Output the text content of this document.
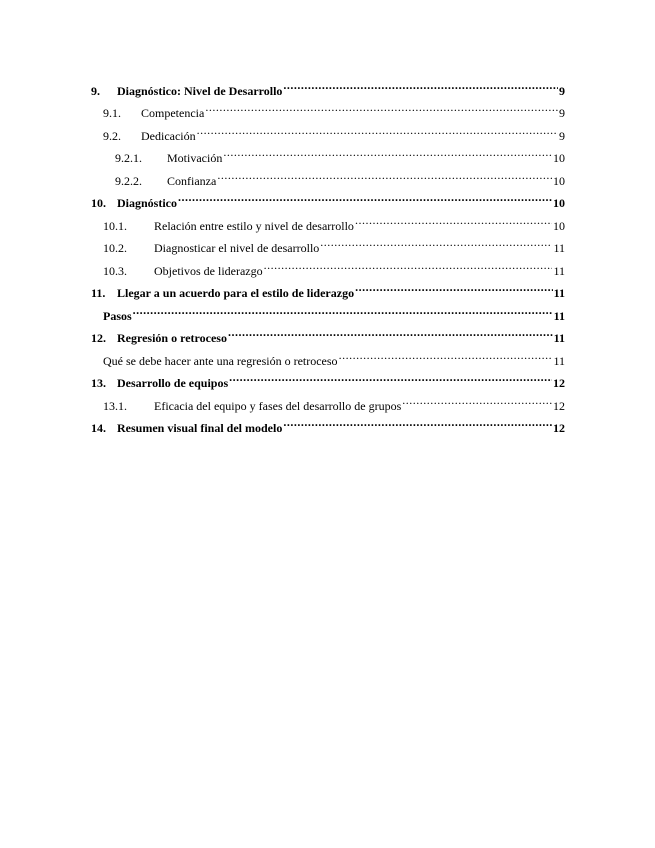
9.	Diagnóstico: Nivel de Desarrollo .....	9
9.1.	Competencia .....	9
9.2.	Dedicación .....	9
9.2.1.	Motivación .....	10
9.2.2.	Confianza .....	10
10. Diagnóstico .....	10
10.1.	Relación entre estilo y nivel de desarrollo .....	10
10.2.	Diagnosticar el nivel de desarrollo .....	11
10.3.	Objetivos de liderazgo .....	11
11. Llegar a un acuerdo para el estilo de liderazgo .....	11
Pasos .....	11
12. Regresión o retroceso .....	11
Qué se debe hacer ante una regresión o retroceso .....	11
13. Desarrollo de equipos .....	12
13.1.	Eficacia del equipo y fases del desarrollo de grupos .....	12
14. Resumen visual final del modelo .....	12
